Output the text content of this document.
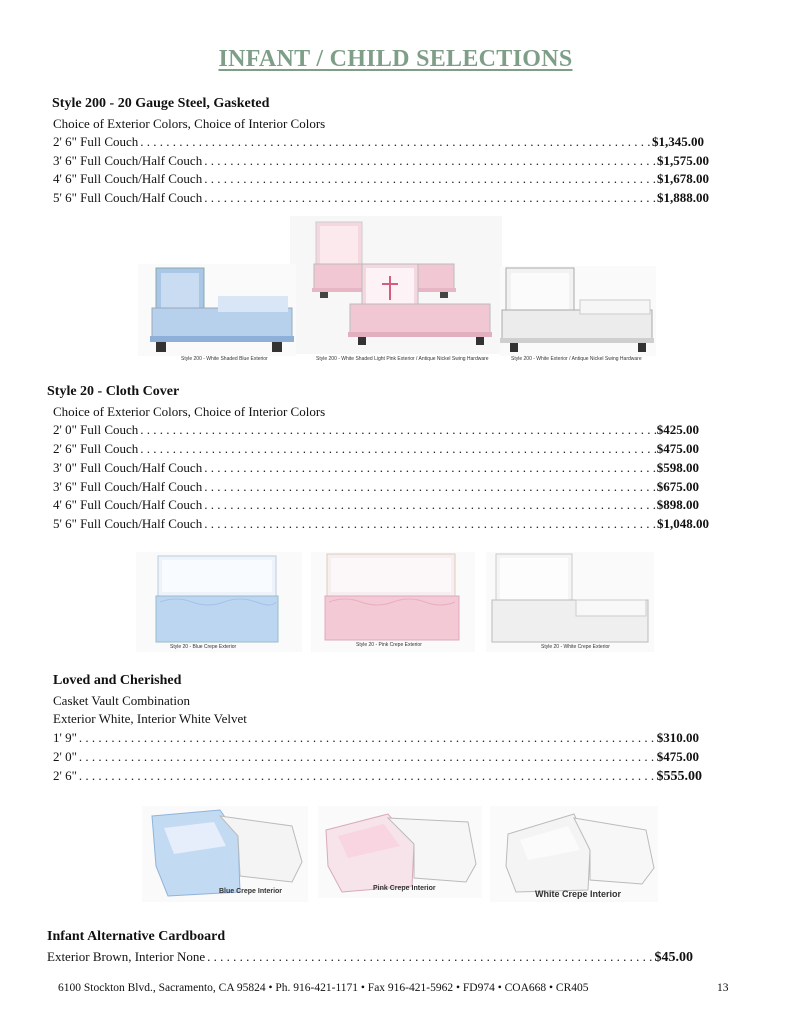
INFANT / CHILD SELECTIONS
Style 200 - 20 Gauge Steel, Gasketed
Choice of Exterior Colors, Choice of Interior Colors
2' 6" Full Couch . . .	$1,345.00
3' 6" Full Couch/Half Couch . . .	$1,575.00
4' 6" Full Couch/Half Couch . . .	$1,678.00
5' 6" Full Couch/Half Couch . . .	$1,888.00
Style 200 - White Shaded Blue Exterior	Style 200 - White Shaded Light Pink Exterior / Antique Nickel Swing Hardware	Style 200 - White Exterior / Antique Nickel Swing Hardware
Style 20 - Cloth Cover
Choice of Exterior Colors, Choice of Interior Colors
2' 0" Full Couch . . .	$425.00
2' 6" Full Couch . . .	$475.00
3' 0" Full Couch/Half Couch . . .	$598.00
3' 6" Full Couch/Half Couch . . .	$675.00
4' 6" Full Couch/Half Couch . . .	$898.00
5' 6" Full Couch/Half Couch . . .	$1,048.00
Style 20 - Blue Crepe Exterior	Style 20 - Pink Crepe Exterior	Style 20 - White Crepe Exterior
Loved and Cherished
Casket Vault Combination
Exterior White, Interior White Velvet
1' 9" . . .	$310.00
2' 0" . . .	$475.00
2' 6" . . .	$555.00
Blue Crepe Interior	Pink Crepe Interior
White Crepe Interior
Infant Alternative Cardboard
Exterior Brown, Interior None . . .	$45.00
6100 Stockton Blvd., Sacramento, CA 95824 • Ph. 916-421-1171 • Fax 916-421-5962 • FD974 • COA668 • CR405	13
